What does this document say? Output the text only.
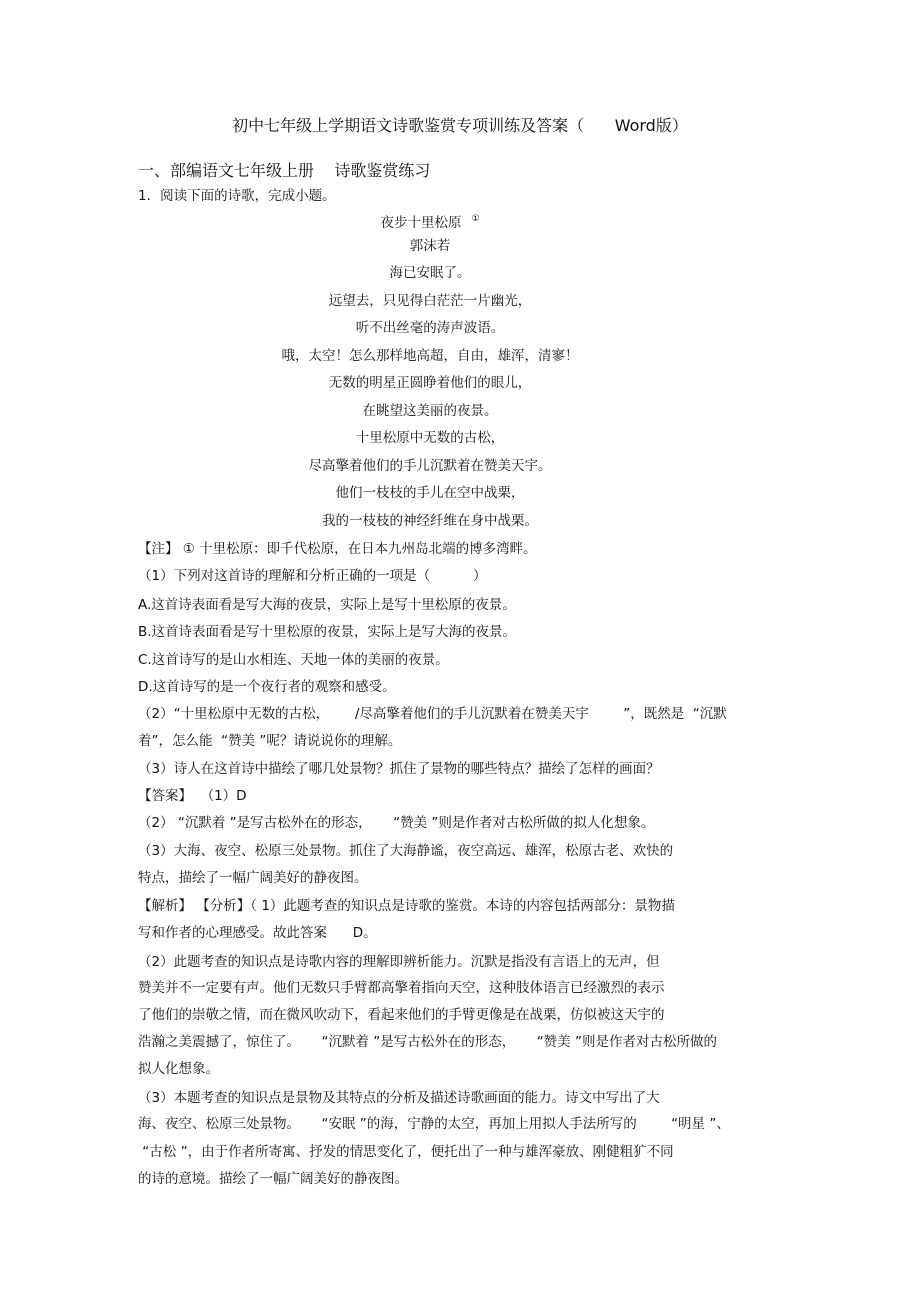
初中七年级上学期语文诗歌鉴赏专项训练及答案（      Word版）
一、部编语文七年级上册    诗歌鉴赏练习
1．阅读下面的诗歌，完成小题。
夜步十里松原 ①
郭沫若
海已安眠了。
远望去，只见得白茫茫一片幽光，
听不出丝毫的涛声波语。
哦，太空！怎么那样地高超，自由，雄浑，清寥！
无数的明星正圆睁着他们的眼儿，
在眺望这美丽的夜景。
十里松原中无数的古松，
尽高擎着他们的手儿沉默着在赞美天宇。
他们一枝枝的手儿在空中战栗，
我的一枝枝的神经纤维在身中战栗。
【注】 ① 十里松原：即千代松原，在日本九州岛北端的博多湾畔。
（1）下列对这首诗的理解和分析正确的一项是（          ）
A.这首诗表面看是写大海的夜景，实际上是写十里松原的夜景。
B.这首诗表面看是写十里松原的夜景，实际上是写大海的夜景。
C.这首诗写的是山水相连、天地一体的美丽的夜景。
D.这首诗写的是一个夜行者的观察和感受。
（2）“十里松原中无数的古松，      /尽高擎着他们的手儿沉默着在赞美天宇        ”，既然是  “沉默
着”，怎么能  “赞美 ”呢？请说说你的理解。
（3）诗人在这首诗中描绘了哪几处景物？抓住了景物的哪些特点？描绘了怎样的画面？
【答案】  （1）D
（2） “沉默着 ”是写古松外在的形态，     “赞美 ”则是作者对古松所做的拟人化想象。
（3）大海、夜空、松原三处景物。抓住了大海静谧，夜空高远、雄浑，松原古老、欢快的
特点，描绘了一幅广阔美好的静夜图。
【解析】 【分析】（ 1）此题考查的知识点是诗歌的鉴赏。本诗的内容包括两部分：景物描
写和作者的心理感受。故此答案      D。
（2）此题考查的知识点是诗歌内容的理解即辨析能力。沉默是指没有言语上的无声，但
赞美并不一定要有声。他们无数只手臂都高擎着指向天空，这种肢体语言已经激烈的表示
了他们的崇敬之情，而在微风吹动下，看起来他们的手臂更像是在战栗，仿似被这天宇的
浩瀚之美震撼了，惊住了。     “沉默着 ”是写古松外在的形态，     “赞美 ”则是作者对古松所做的
拟人化想象。
（3）本题考查的知识点是景物及其特点的分析及描述诗歌画面的能力。诗文中写出了大
海、夜空、松原三处景物。     “安眠 ”的海，宁静的太空，再加上用拟人手法所写的        “明星 ”、
“古松 ”，由于作者所寄寓、抒发的情思变化了，便托出了一种与雄浑豪放、刚健粗犷不同
的诗的意境。描绘了一幅广阔美好的静夜图。
